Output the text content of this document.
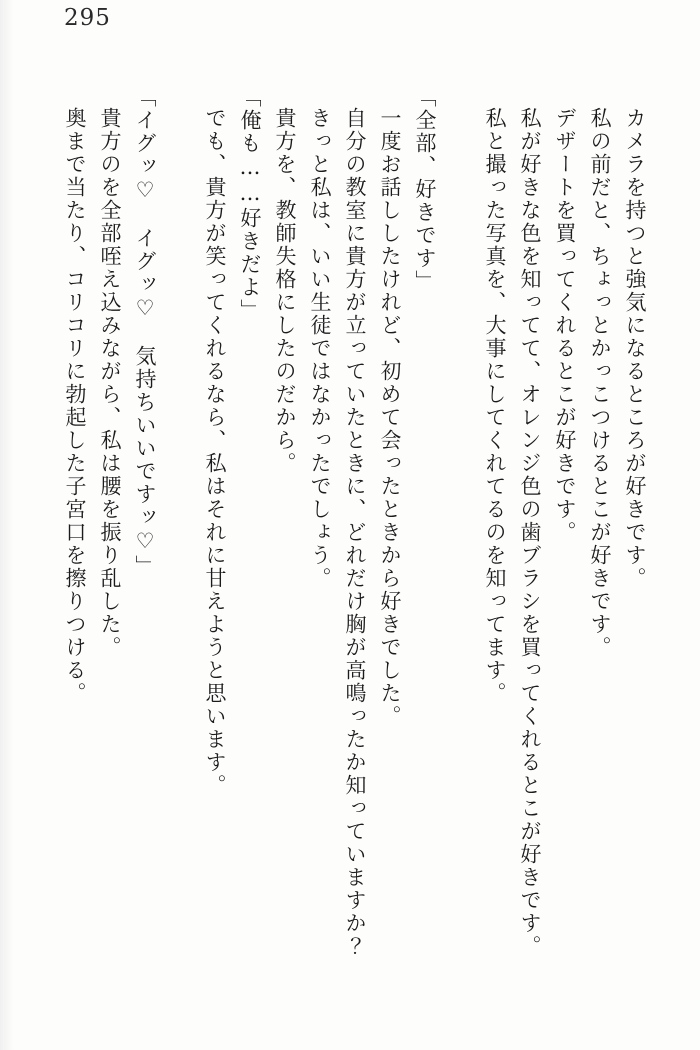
295

カメラを持つと強気になるところが好きです。

私の前だと、ちょっとかっこつけるとこが好きです。

デザートを買ってくれるとこが好きです。

私が好きな色を知ってて、オレンジ色の歯ブラシを買ってくれるとこが好きです。

私と撮った写真を、大事にしてくれてるのを知ってます。

「全部、好きです」

一度お話ししたけれど、初めて会ったときから好きでした。

自分の教室に貴方が立っていたときに、どれだけ胸が高鳴ったか知っていますか？

きっと私は、いい生徒ではなかったでしょう。

貴方を、教師失格にしたのだから。

「俺も……好きだよ」

でも、貴方が笑ってくれるなら、私はそれに甘えようと思います。

「イグッ♡　イグッ♡　気持ちいいですッ♡」

貴方のを全部咥え込みながら、私は腰を振り乱した。

奥まで当たり、コリコリに勃起した子宮口を擦りつける。
